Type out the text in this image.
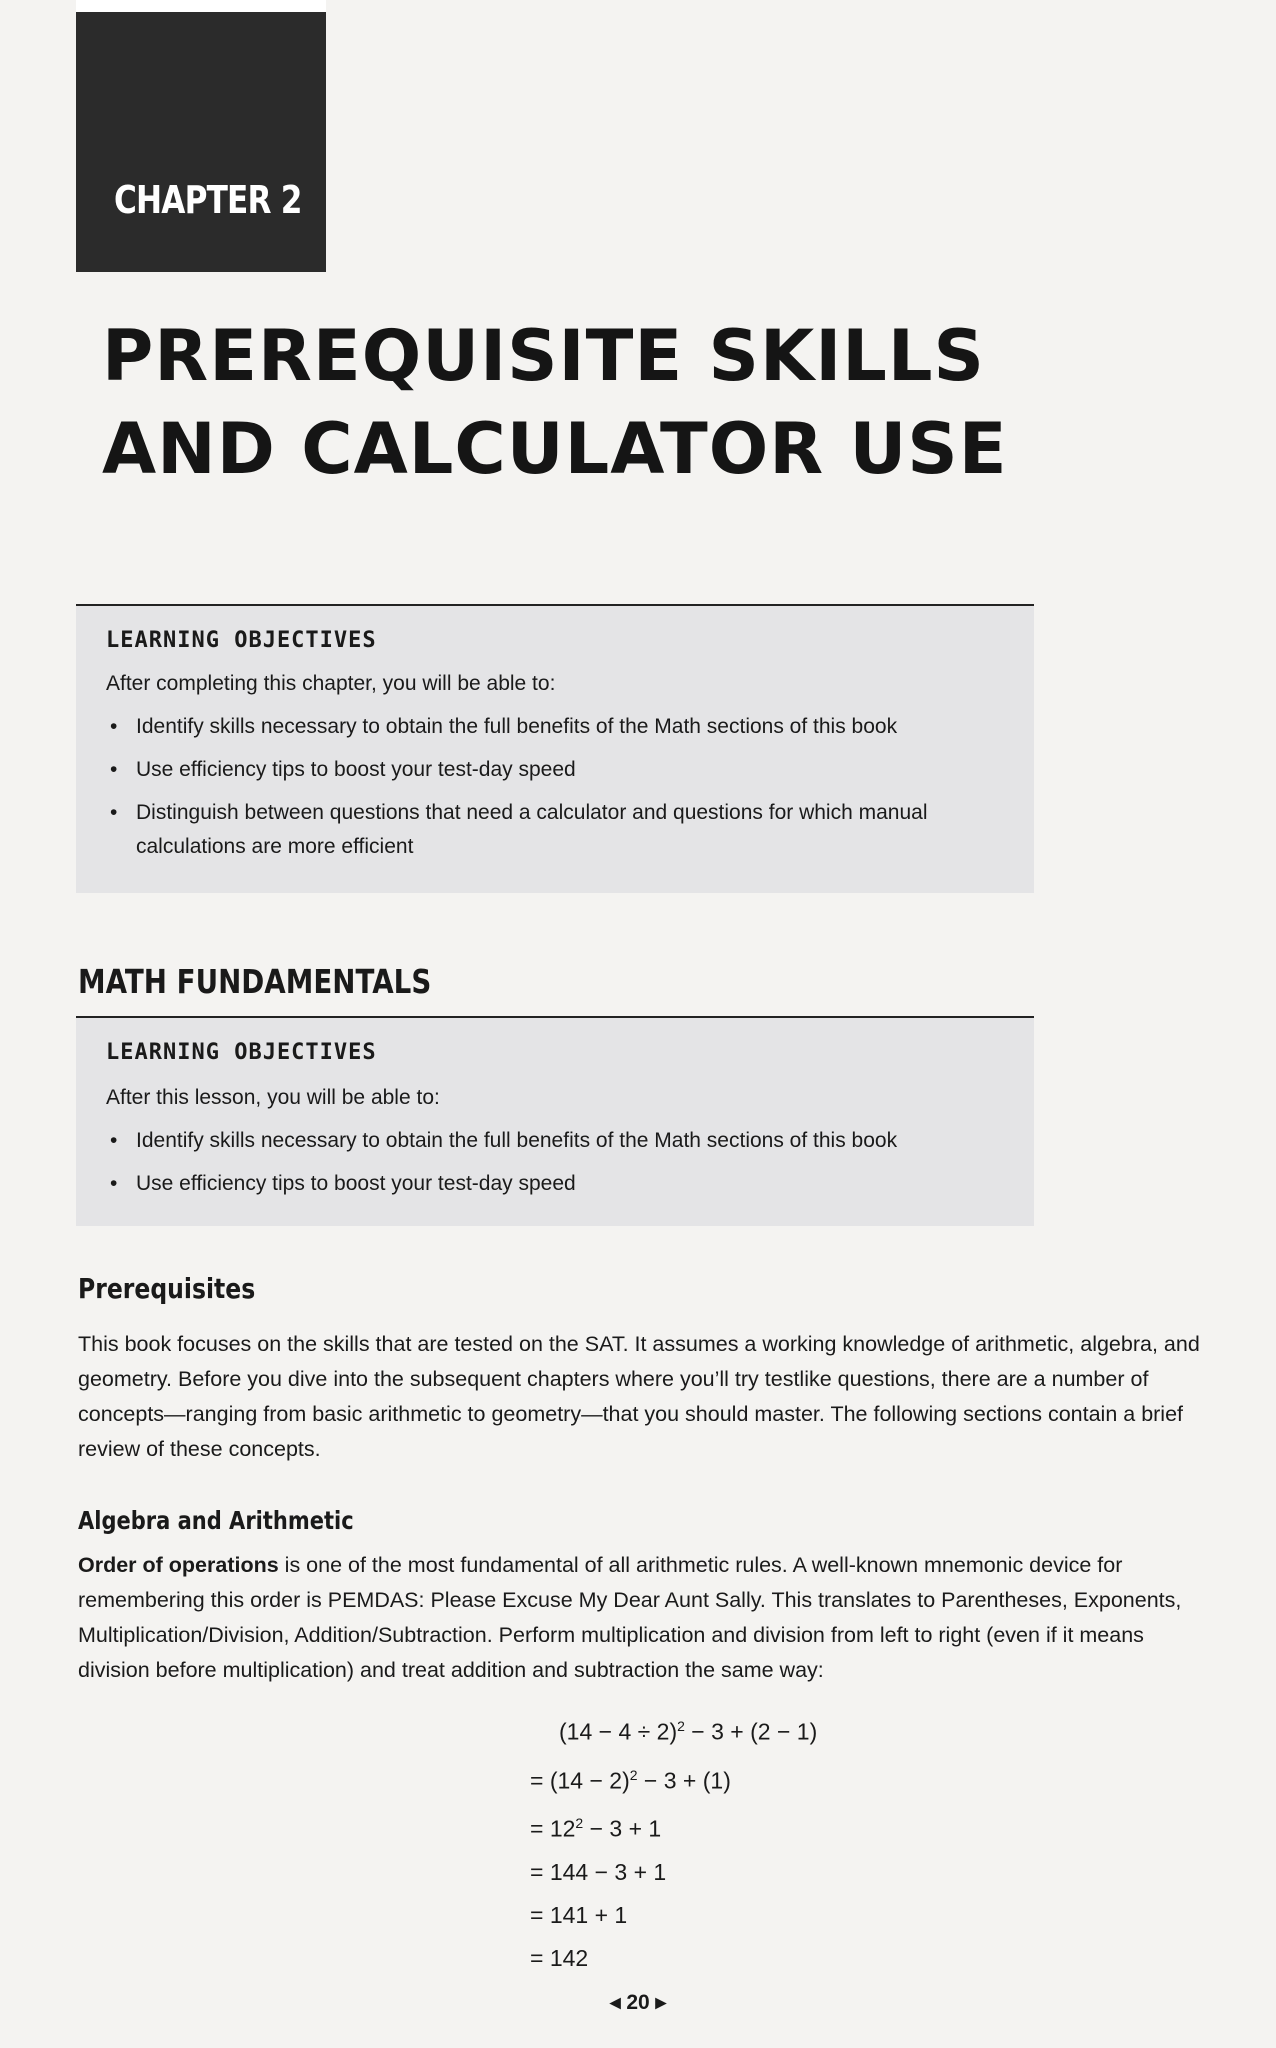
CHAPTER 2
PREREQUISITE SKILLS
AND CALCULATOR USE
LEARNING OBJECTIVES

After completing this chapter, you will be able to:

• Identify skills necessary to obtain the full benefits of the Math sections of this book
• Use efficiency tips to boost your test-day speed
• Distinguish between questions that need a calculator and questions for which manual calculations are more efficient
MATH FUNDAMENTALS
LEARNING OBJECTIVES

After this lesson, you will be able to:

• Identify skills necessary to obtain the full benefits of the Math sections of this book
• Use efficiency tips to boost your test-day speed
Prerequisites

This book focuses on the skills that are tested on the SAT. It assumes a working knowledge of arithmetic, algebra, and geometry. Before you dive into the subsequent chapters where you’ll try testlike questions, there are a number of concepts—ranging from basic arithmetic to geometry—that you should master. The following sections contain a brief review of these concepts.

Algebra and Arithmetic

Order of operations is one of the most fundamental of all arithmetic rules. A well-known mnemonic device for remembering this order is PEMDAS: Please Excuse My Dear Aunt Sally. This translates to Parentheses, Exponents, Multiplication/Division, Addition/Subtraction. Perform multiplication and division from left to right (even if it means division before multiplication) and treat addition and subtraction the same way:

$(14 - 4 \div 2)^2 - 3 + (2 - 1)$
= $(14 - 2)^2 - 3 + (1)$
= $12^2 - 3 + 1$
= 144 − 3 + 1
= 141 + 1
= 142
◂ 20 ▸
